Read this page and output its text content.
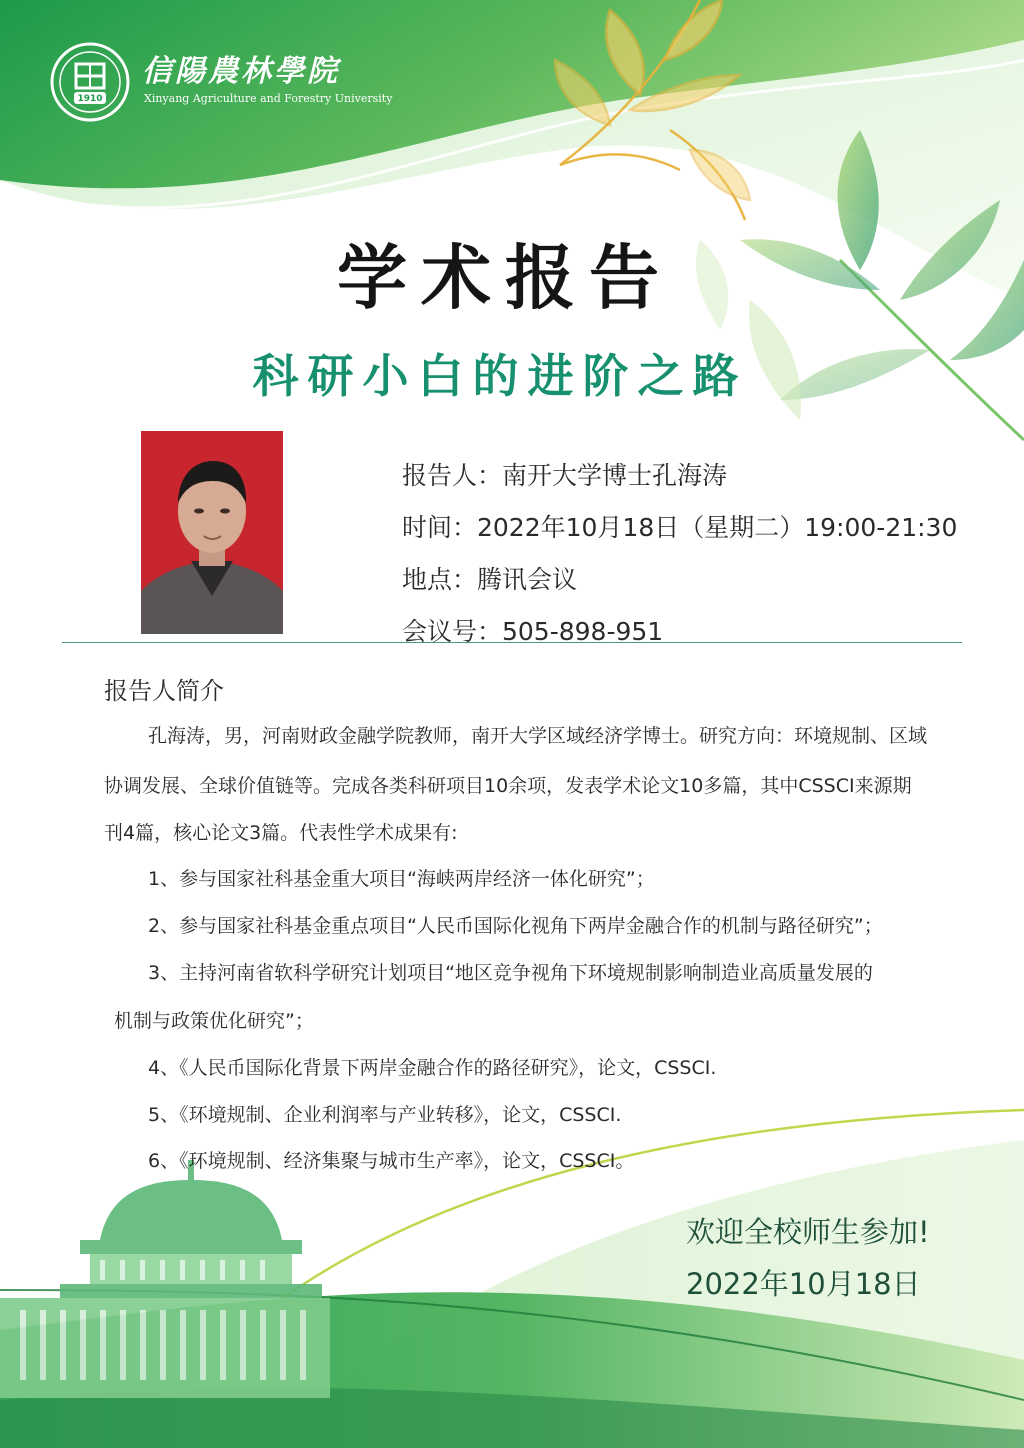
1910
信陽農林學院
Xinyang Agriculture and Forestry University
学术报告
科研小白的进阶之路
报告人：南开大学博士孔海涛
时间：2022年10月18日（星期二）19:00-21:30
地点：腾讯会议
会议号：505-898-951
报告人简介
孔海涛，男，河南财政金融学院教师，南开大学区域经济学博士。研究方向：环境规制、区域
协调发展、全球价值链等。完成各类科研项目10余项，发表学术论文10多篇，其中CSSCI来源期
刊4篇，核心论文3篇。代表性学术成果有:
1、参与国家社科基金重大项目“海峡两岸经济一体化研究”；
2、参与国家社科基金重点项目“人民币国际化视角下两岸金融合作的机制与路径研究”；
3、主持河南省软科学研究计划项目“地区竞争视角下环境规制影响制造业高质量发展的
机制与政策优化研究”；
4、《人民币国际化背景下两岸金融合作的路径研究》，论文，CSSCI.
5、《环境规制、企业利润率与产业转移》，论文，CSSCI.
6、《环境规制、经济集聚与城市生产率》，论文，CSSCI。
欢迎全校师生参加!
2022年10月18日
